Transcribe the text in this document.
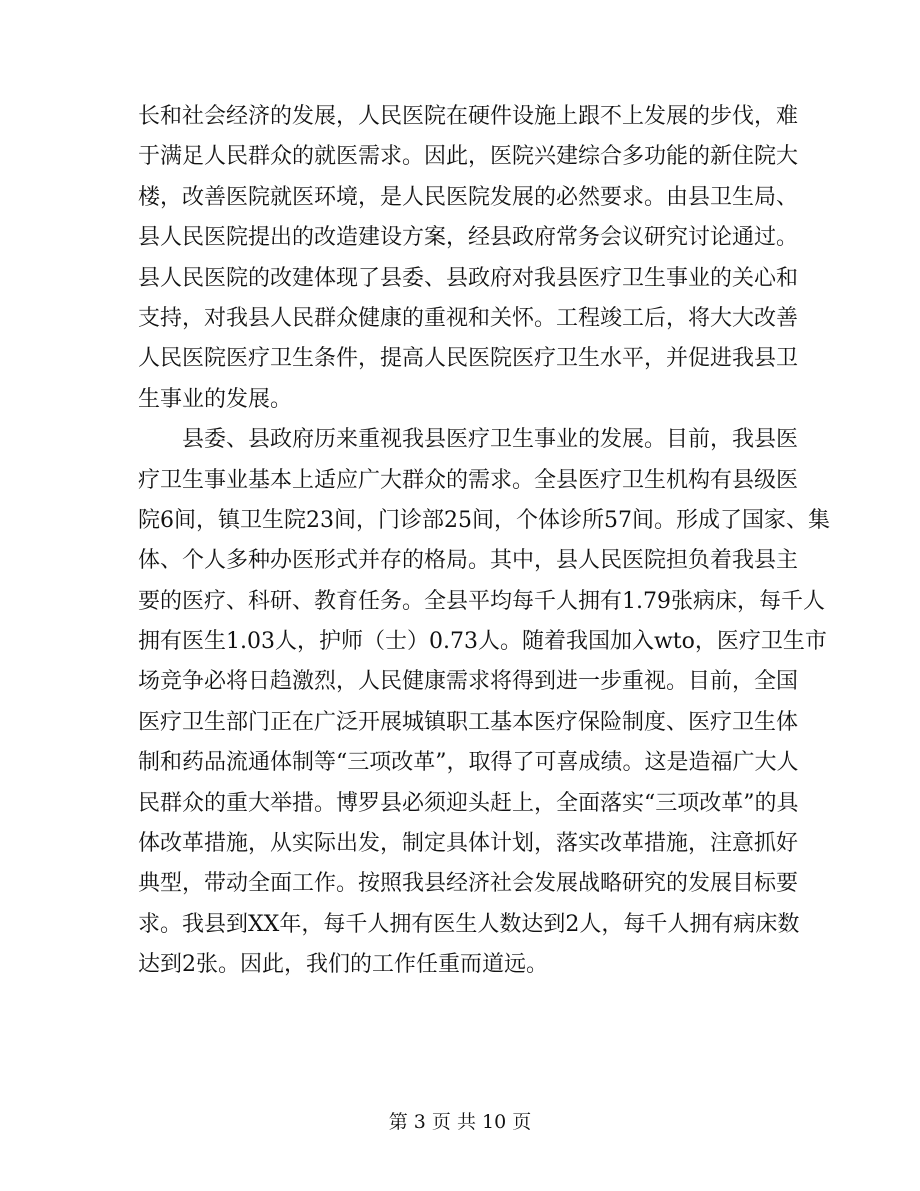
长和社会经济的发展，人民医院在硬件设施上跟不上发展的步伐，难
于满足人民群众的就医需求。因此，医院兴建综合多功能的新住院大
楼，改善医院就医环境，是人民医院发展的必然要求。由县卫生局、
县人民医院提出的改造建设方案，经县政府常务会议研究讨论通过。
县人民医院的改建体现了县委、县政府对我县医疗卫生事业的关心和
支持，对我县人民群众健康的重视和关怀。工程竣工后，将大大改善
人民医院医疗卫生条件，提高人民医院医疗卫生水平，并促进我县卫
生事业的发展。
　　县委、县政府历来重视我县医疗卫生事业的发展。目前，我县医
疗卫生事业基本上适应广大群众的需求。全县医疗卫生机构有县级医
院6间，镇卫生院23间，门诊部25间，个体诊所57间。形成了国家、集
体、个人多种办医形式并存的格局。其中，县人民医院担负着我县主
要的医疗、科研、教育任务。全县平均每千人拥有1.79张病床，每千人
拥有医生1.03人，护师（士）0.73人。随着我国加入wto，医疗卫生市
场竞争必将日趋激烈，人民健康需求将得到进一步重视。目前，全国
医疗卫生部门正在广泛开展城镇职工基本医疗保险制度、医疗卫生体
制和药品流通体制等“三项改革”，取得了可喜成绩。这是造福广大人
民群众的重大举措。博罗县必须迎头赶上，全面落实“三项改革”的具
体改革措施，从实际出发，制定具体计划，落实改革措施，注意抓好
典型，带动全面工作。按照我县经济社会发展战略研究的发展目标要
求。我县到XX年，每千人拥有医生人数达到2人，每千人拥有病床数
达到2张。因此，我们的工作任重而道远。
第 3 页 共 10 页
